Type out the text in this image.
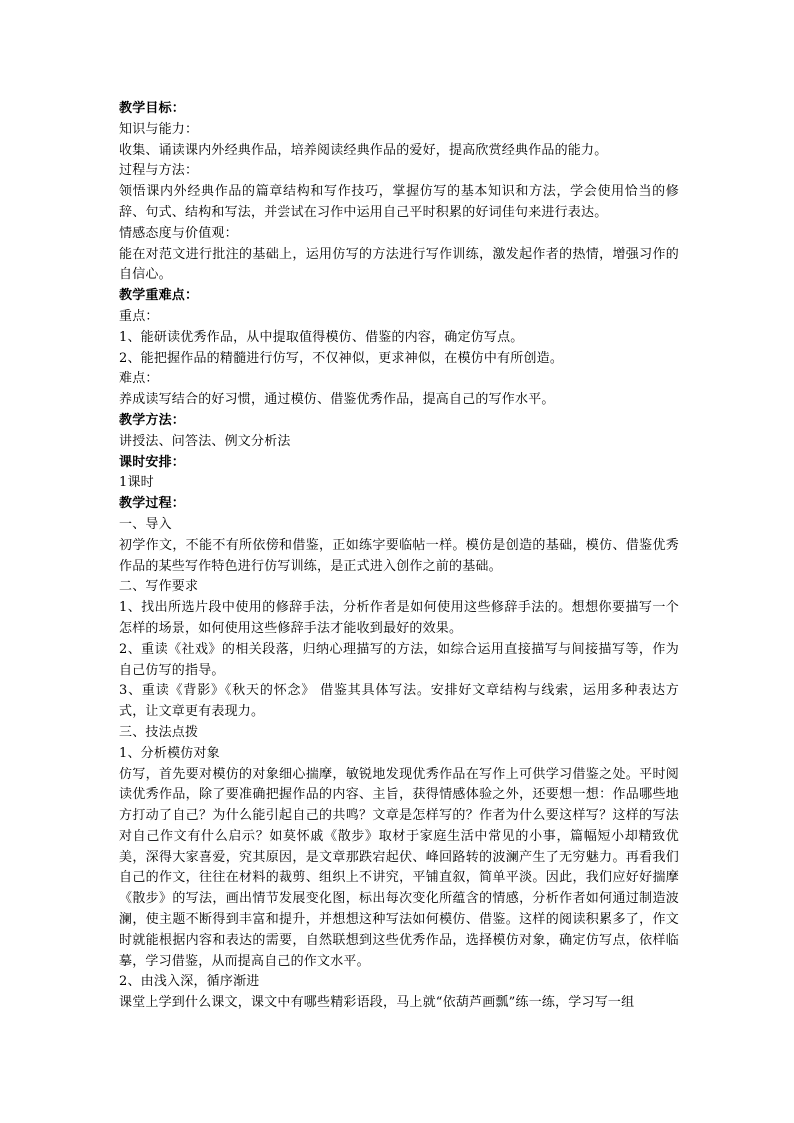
教学目标：

知识与能力：

收集、诵读课内外经典作品，培养阅读经典作品的爱好，提高欣赏经典作品的能力。

过程与方法：

领悟课内外经典作品的篇章结构和写作技巧，掌握仿写的基本知识和方法，学会使用恰当的修辞、句式、结构和写法，并尝试在习作中运用自己平时积累的好词佳句来进行表达。

情感态度与价值观：

能在对范文进行批注的基础上，运用仿写的方法进行写作训练，激发起作者的热情，增强习作的自信心。

教学重难点：

重点：

1、能研读优秀作品，从中提取值得模仿、借鉴的内容，确定仿写点。

2、能把握作品的精髓进行仿写，不仅神似，更求神似，在模仿中有所创造。

难点：

养成读写结合的好习惯，通过模仿、借鉴优秀作品，提高自己的写作水平。

教学方法：

讲授法、问答法、例文分析法

课时安排：

1课时

教学过程：

一、导入

初学作文，不能不有所依傍和借鉴，正如练字要临帖一样。模仿是创造的基础，模仿、借鉴优秀作品的某些写作特色进行仿写训练，是正式进入创作之前的基础。

二、写作要求

1、找出所选片段中使用的修辞手法，分析作者是如何使用这些修辞手法的。想想你要描写一个怎样的场景，如何使用这些修辞手法才能收到最好的效果。

2、重读《社戏》的相关段落，归纳心理描写的方法，如综合运用直接描写与间接描写等，作为自己仿写的指导。

3、重读《背影》《秋天的怀念》 借鉴其具体写法。安排好文章结构与线索，运用多种表达方式，让文章更有表现力。

三、技法点拨

1、分析模仿对象

仿写，首先要对模仿的对象细心揣摩，敏锐地发现优秀作品在写作上可供学习借鉴之处。平时阅读优秀作品，除了要准确把握作品的内容、主旨，获得情感体验之外，还要想一想：作品哪些地方打动了自己？为什么能引起自己的共鸣？文章是怎样写的？作者为什么要这样写？这样的写法对自己作文有什么启示？如莫怀戚《散步》取材于家庭生活中常见的小事，篇幅短小却精致优美，深得大家喜爱，究其原因，是文章那跌宕起伏、峰回路转的波澜产生了无穷魅力。再看我们自己的作文，往往在材料的裁剪、组织上不讲究，平铺直叙，简单平淡。因此，我们应好好揣摩《散步》的写法，画出情节发展变化图，标出每次变化所蕴含的情感，分析作者如何通过制造波澜，使主题不断得到丰富和提升，并想想这种写法如何模仿、借鉴。这样的阅读积累多了，作文时就能根据内容和表达的需要，自然联想到这些优秀作品，选择模仿对象，确定仿写点，依样临摹，学习借鉴，从而提高自己的作文水平。

2、由浅入深，循序渐进

课堂上学到什么课文，课文中有哪些精彩语段，马上就“依葫芦画瓢”练一练，学习写一组
